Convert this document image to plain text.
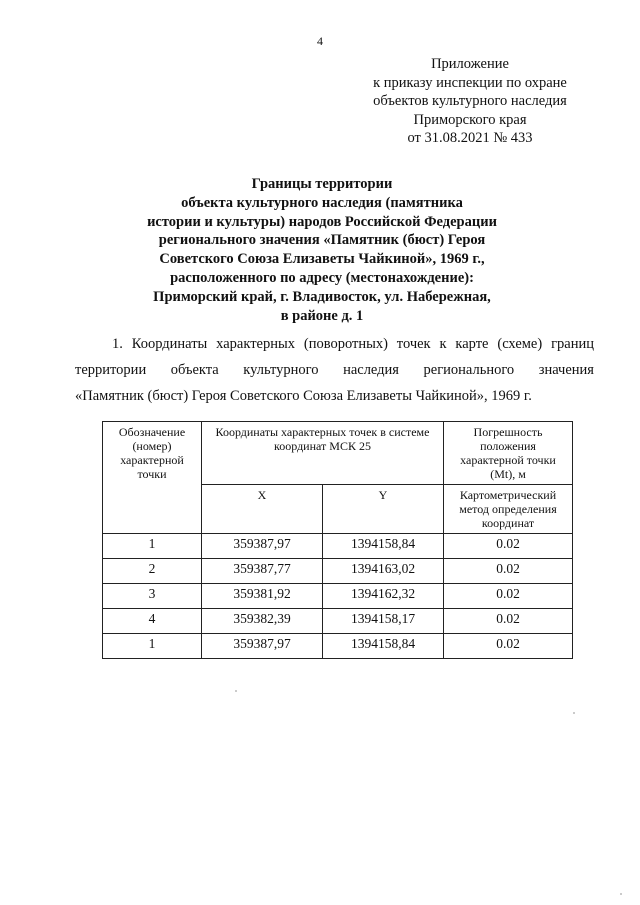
4
Приложение
к приказу инспекции по охране
объектов культурного наследия
Приморского края
от 31.08.2021 № 433
Границы территории
объекта культурного наследия (памятника
истории и культуры) народов Российской Федерации
регионального значения «Памятник (бюст) Героя
Советского Союза Елизаветы Чайкиной», 1969 г.,
расположенного по адресу (местонахождение):
Приморский край, г. Владивосток, ул. Набережная,
в районе д. 1
1. Координаты характерных (поворотных) точек к карте (схеме) границ
территории объекта культурного наследия регионального значения
«Памятник (бюст) Героя Советского Союза Елизаветы Чайкиной», 1969 г.
Обозначение (номер) характерной точки	Координаты характерных точек в системе координат МСК 25		Погрешность положения характерной точки (Mt), м
	X	Y	Картометрический метод определения координат
1	359387,97	1394158,84	0.02
2	359387,77	1394163,02	0.02
3	359381,92	1394162,32	0.02
4	359382,39	1394158,17	0.02
1	359387,97	1394158,84	0.02
